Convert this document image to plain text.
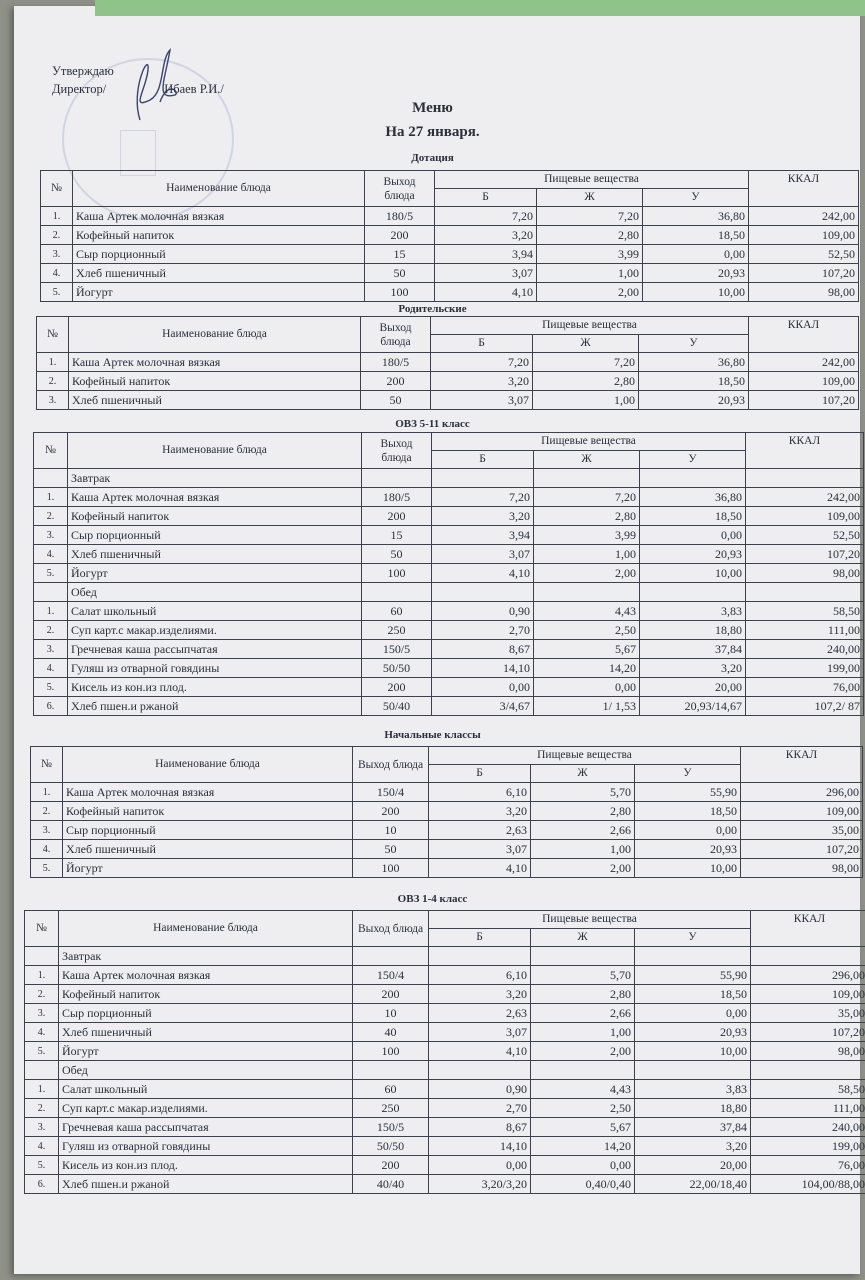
Утверждаю
Директор/	Ибаев Р.И./
Меню
На 27 января.
Дотация
№	Наименование блюда	Выход блюда	Пищевые вещества			ККАЛ
			Б	Ж	У	
1.	Каша Артек молочная вязкая	180/5	7,20	7,20	36,80	242,00
2.	Кофейный напиток	200	3,20	2,80	18,50	109,00
3.	Сыр порционный	15	3,94	3,99	0,00	52,50
4.	Хлеб пшеничный	50	3,07	1,00	20,93	107,20
5.	Йогурт	100	4,10	2,00	10,00	98,00
Родительские
№	Наименование блюда	Выход блюда	Пищевые вещества			ККАЛ
			Б	Ж	У	
1.	Каша Артек молочная вязкая	180/5	7,20	7,20	36,80	242,00
2.	Кофейный напиток	200	3,20	2,80	18,50	109,00
3.	Хлеб пшеничный	50	3,07	1,00	20,93	107,20
ОВЗ 5-11 класс
№	Наименование блюда	Выход блюда	Пищевые вещества			ККАЛ
			Б	Ж	У	
	Завтрак					
1.	Каша Артек молочная вязкая	180/5	7,20	7,20	36,80	242,00
2.	Кофейный напиток	200	3,20	2,80	18,50	109,00
3.	Сыр порционный	15	3,94	3,99	0,00	52,50
4.	Хлеб пшеничный	50	3,07	1,00	20,93	107,20
5.	Йогурт	100	4,10	2,00	10,00	98,00
	Обед					
1.	Салат школьный	60	0,90	4,43	3,83	58,50
2.	Суп карт.с макар.изделиями.	250	2,70	2,50	18,80	111,00
3.	Гречневая каша рассыпчатая	150/5	8,67	5,67	37,84	240,00
4.	Гуляш из отварной говядины	50/50	14,10	14,20	3,20	199,00
5.	Кисель из кон.из плод.	200	0,00	0,00	20,00	76,00
6.	Хлеб пшен.и ржаной	50/40	3/4,67	1/ 1,53	20,93/14,67	107,2/ 87
Начальные классы
№	Наименование блюда	Выход блюда	Пищевые вещества			ККАЛ
			Б	Ж	У	
1.	Каша Артек молочная вязкая	150/4	6,10	5,70	55,90	296,00
2.	Кофейный напиток	200	3,20	2,80	18,50	109,00
3.	Сыр порционный	10	2,63	2,66	0,00	35,00
4.	Хлеб пшеничный	50	3,07	1,00	20,93	107,20
5.	Йогурт	100	4,10	2,00	10,00	98,00
ОВЗ 1-4 класс
№	Наименование блюда	Выход блюда	Пищевые вещества			ККАЛ
			Б	Ж	У	
	Завтрак					
1.	Каша Артек молочная вязкая	150/4	6,10	5,70	55,90	296,00
2.	Кофейный напиток	200	3,20	2,80	18,50	109,00
3.	Сыр порционный	10	2,63	2,66	0,00	35,00
4.	Хлеб пшеничный	40	3,07	1,00	20,93	107,20
5.	Йогурт	100	4,10	2,00	10,00	98,00
	Обед					
1.	Салат школьный	60	0,90	4,43	3,83	58,50
2.	Суп карт.с макар.изделиями.	250	2,70	2,50	18,80	111,00
3.	Гречневая каша рассыпчатая	150/5	8,67	5,67	37,84	240,00
4.	Гуляш из отварной говядины	50/50	14,10	14,20	3,20	199,00
5.	Кисель из кон.из плод.	200	0,00	0,00	20,00	76,00
6.	Хлеб пшен.и ржаной	40/40	3,20/3,20	0,40/0,40	22,00/18,40	104,00/88,00
